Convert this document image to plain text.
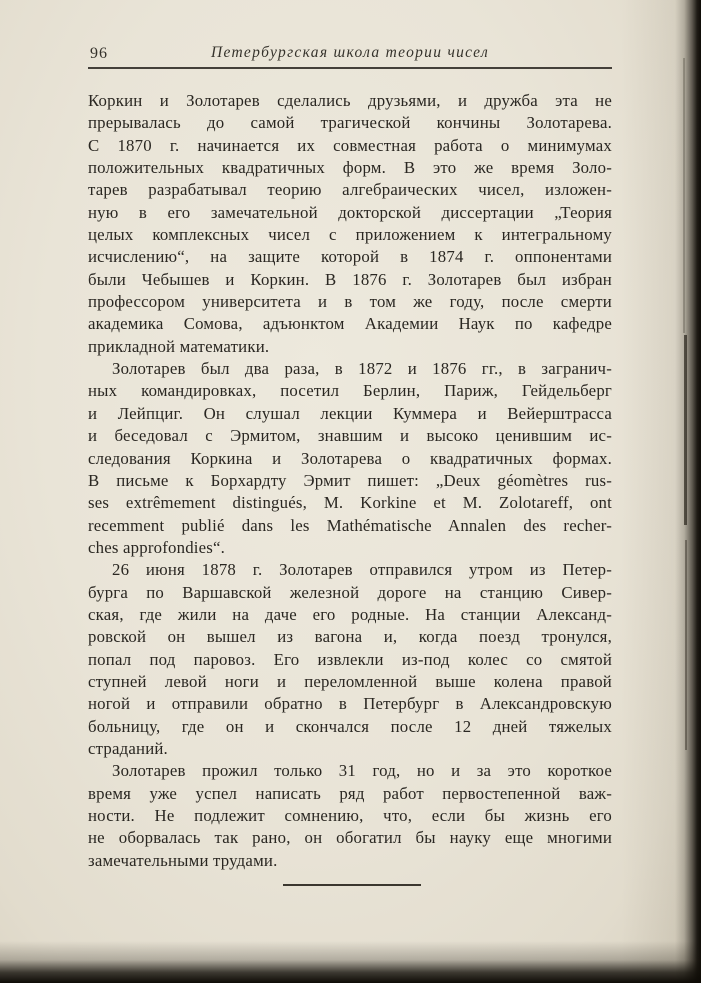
96	Петербургская школа теории чисел
Коркин и Золотарев сделались друзьями, и дружба эта не
прерывалась до самой трагической кончины Золотарева.
С 1870 г. начинается их совместная работа о минимумах
положительных квадратичных форм. В это же время Золо-
тарев разрабатывал теорию алгебраических чисел, изложен-
ную в его замечательной докторской диссертации „Теория
целых комплексных чисел с приложением к интегральному
исчислению“, на защите которой в 1874 г. оппонентами
были Чебышев и Коркин. В 1876 г. Золотарев был избран
профессором университета и в том же году, после смерти
академика Сомова, адъюнктом Академии Наук по кафедре
прикладной математики.
Золотарев был два раза, в 1872 и 1876 гг., в загранич-
ных командировках, посетил Берлин, Париж, Гейдельберг
и Лейпциг. Он слушал лекции Куммера и Вейерштрасса
и беседовал с Эрмитом, знавшим и высоко ценившим ис-
следования Коркина и Золотарева о квадратичных формах.
В письме к Борхардту Эрмит пишет: „Deux géomètres rus-
ses extrêmement distingués, M. Korkine et M. Zolotareff, ont
recemment publié dans les Mathématische Annalen des recher-
ches approfondies“.
26 июня 1878 г. Золотарев отправился утром из Петер-
бурга по Варшавской железной дороге на станцию Сивер-
ская, где жили на даче его родные. На станции Александ-
ровской он вышел из вагона и, когда поезд тронулся,
попал под паровоз. Его извлекли из-под колес со смятой
ступней левой ноги и переломленной выше колена правой
ногой и отправили обратно в Петербург в Александровскую
больницу, где он и скончался после 12 дней тяжелых
страданий.
Золотарев прожил только 31 год, но и за это короткое
время уже успел написать ряд работ первостепенной важ-
ности. Не подлежит сомнению, что, если бы жизнь его
не оборвалась так рано, он обогатил бы науку еще многими
замечательными трудами.
